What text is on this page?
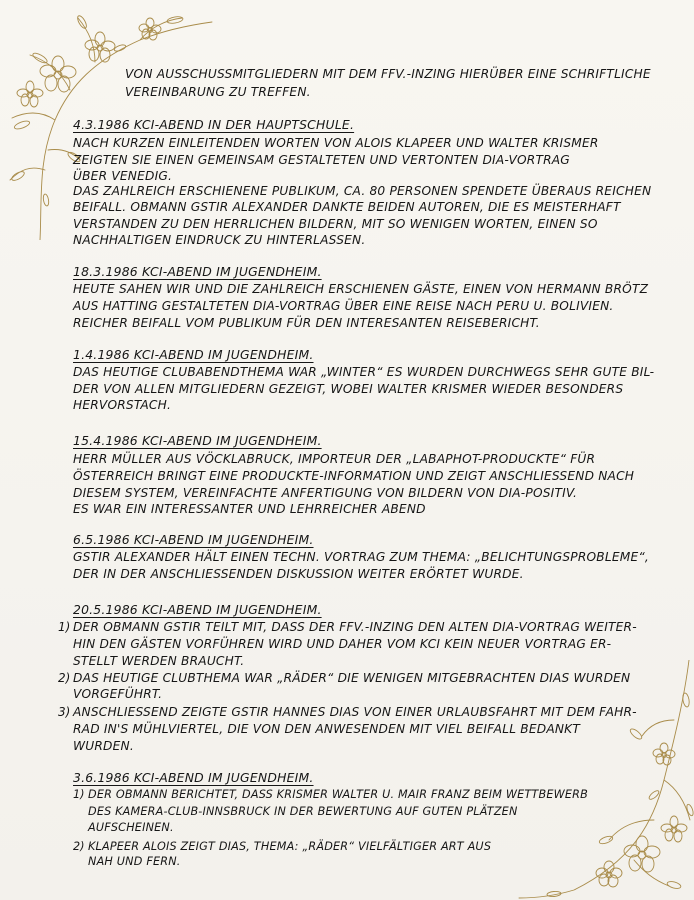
VON AUSSCHUSSMITGLIEDERN MIT DEM FFV.-INZING HIERÜBER EINE SCHRIFTLICHE
VEREINBARUNG ZU TREFFEN.
4.3.1986 KCI-ABEND IN DER HAUPTSCHULE.
NACH KURZEN EINLEITENDEN WORTEN VON ALOIS KLAPEER UND WALTER KRISMER
ZEIGTEN SIE EINEN GEMEINSAM GESTALTETEN UND VERTONTEN DIA-VORTRAG
ÜBER VENEDIG.
DAS ZAHLREICH ERSCHIENENE PUBLIKUM, CA. 80 PERSONEN SPENDETE ÜBERAUS REICHEN
BEIFALL. OBMANN GSTIR ALEXANDER DANKTE BEIDEN AUTOREN, DIE ES MEISTERHAFT
VERSTANDEN ZU DEN HERRLICHEN BILDERN, MIT SO WENIGEN WORTEN, EINEN SO
NACHHALTIGEN EINDRUCK ZU HINTERLASSEN.
18.3.1986 KCI-ABEND IM JUGENDHEIM.
HEUTE SAHEN WIR UND DIE ZAHLREICH ERSCHIENEN GÄSTE, EINEN VON HERMANN BRÖTZ
AUS HATTING GESTALTETEN DIA-VORTRAG ÜBER EINE REISE NACH PERU U. BOLIVIEN.
REICHER BEIFALL VOM PUBLIKUM FÜR DEN INTERESANTEN REISEBERICHT.
1.4.1986 KCI-ABEND IM JUGENDHEIM.
DAS HEUTIGE CLUBABENDTHEMA WAR „WINTER“ ES WURDEN DURCHWEGS SEHR GUTE BIL-
DER VON ALLEN MITGLIEDERN GEZEIGT, WOBEI WALTER KRISMER WIEDER BESONDERS
HERVORSTACH.
15.4.1986 KCI-ABEND IM JUGENDHEIM.
HERR MÜLLER AUS VÖCKLABRUCK, IMPORTEUR DER „LABAPHOT-PRODUCKTE“ FÜR
ÖSTERREICH BRINGT EINE PRODUCKTE-INFORMATION UND ZEIGT ANSCHLIESSEND NACH
DIESEM SYSTEM, VEREINFACHTE ANFERTIGUNG VON BILDERN VON DIA-POSITIV.
ES WAR EIN INTERESSANTER UND LEHRREICHER ABEND
6.5.1986 KCI-ABEND IM JUGENDHEIM.
GSTIR ALEXANDER HÄLT EINEN TECHN. VORTRAG ZUM THEMA: „BELICHTUNGSPROBLEME“,
DER IN DER ANSCHLIESSENDEN DISKUSSION WEITER ERÖRTET WURDE.
20.5.1986 KCI-ABEND IM JUGENDHEIM.
1) DER OBMANN GSTIR TEILT MIT, DASS DER FFV.-INZING DEN ALTEN DIA-VORTRAG WEITER-
HIN DEN GÄSTEN VORFÜHREN WIRD UND DAHER VOM KCI KEIN NEUER VORTRAG ER-
STELLT WERDEN BRAUCHT.
2) DAS HEUTIGE CLUBTHEMA WAR „RÄDER“ DIE WENIGEN MITGEBRACHTEN DIAS WURDEN
VORGEFÜHRT.
3) ANSCHLIESSEND ZEIGTE GSTIR HANNES DIAS VON EINER URLAUBSFAHRT MIT DEM FAHR-
RAD IN'S MÜHLVIERTEL, DIE VON DEN ANWESENDEN MIT VIEL BEIFALL BEDANKT
WURDEN.
3.6.1986 KCI-ABEND IM JUGENDHEIM.
1) DER OBMANN BERICHTET, DASS KRISMER WALTER U. MAIR FRANZ BEIM WETTBEWERB
DES KAMERA-CLUB-INNSBRUCK IN DER BEWERTUNG AUF GUTEN PLÄTZEN
AUFSCHEINEN.
2) KLAPEER ALOIS ZEIGT DIAS, THEMA: „RÄDER“ VIELFÄLTIGER ART AUS
NAH UND FERN.
